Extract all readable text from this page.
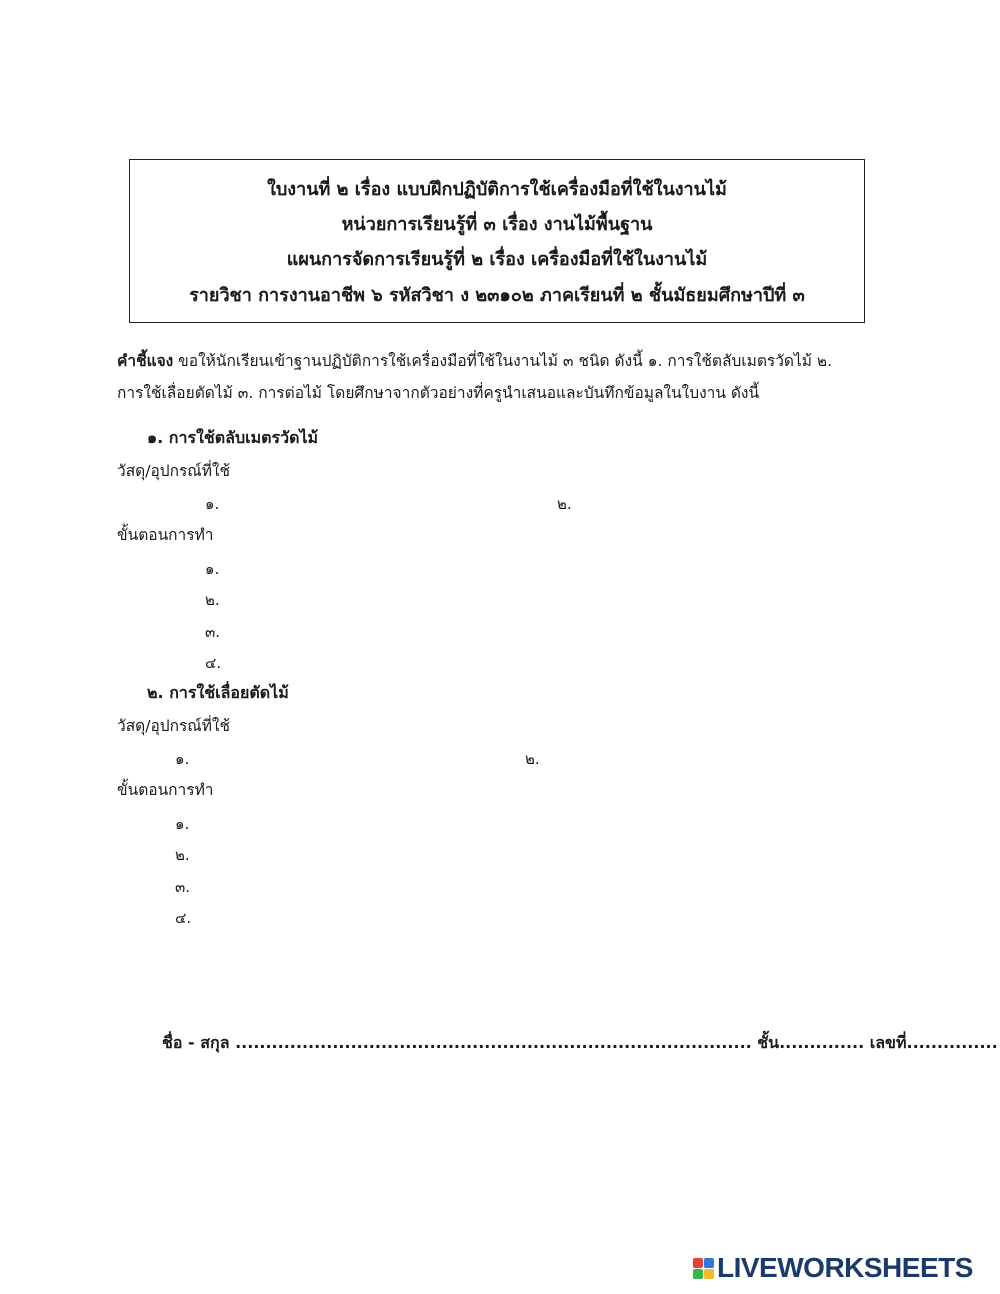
ใบงานที่ ๒ เรื่อง แบบฝึกปฏิบัติการใช้เครื่องมือที่ใช้ในงานไม้
หน่วยการเรียนรู้ที่ ๓ เรื่อง งานไม้พื้นฐาน
แผนการจัดการเรียนรู้ที่ ๒ เรื่อง เครื่องมือที่ใช้ในงานไม้
รายวิชา การงานอาชีพ ๖ รหัสวิชา ง ๒๓๑๐๒ ภาคเรียนที่ ๒ ชั้นมัธยมศึกษาปีที่ ๓
คำชี้แจง ขอให้นักเรียนเข้าฐานปฏิบัติการใช้เครื่องมือที่ใช้ในงานไม้ ๓ ชนิด ดังนี้ ๑. การใช้ตลับเมตรวัดไม้ ๒.
การใช้เลื่อยตัดไม้ ๓. การต่อไม้ โดยศึกษาจากตัวอย่างที่ครูนำเสนอและบันทึกข้อมูลในใบงาน ดังนี้
๑. การใช้ตลับเมตรวัดไม้
วัสดุ/อุปกรณ์ที่ใช้
๑.	๒.
ขั้นตอนการทำ
๑.
๒.
๓.
๔.
๒. การใช้เลื่อยตัดไม้
วัสดุ/อุปกรณ์ที่ใช้
๑.	๒.
ขั้นตอนการทำ
๑.
๒.
๓.
๔.
ชื่อ - สกุล ..................................................................................... ชั้น.............. เลขที่...............
LIVEWORKSHEETS
